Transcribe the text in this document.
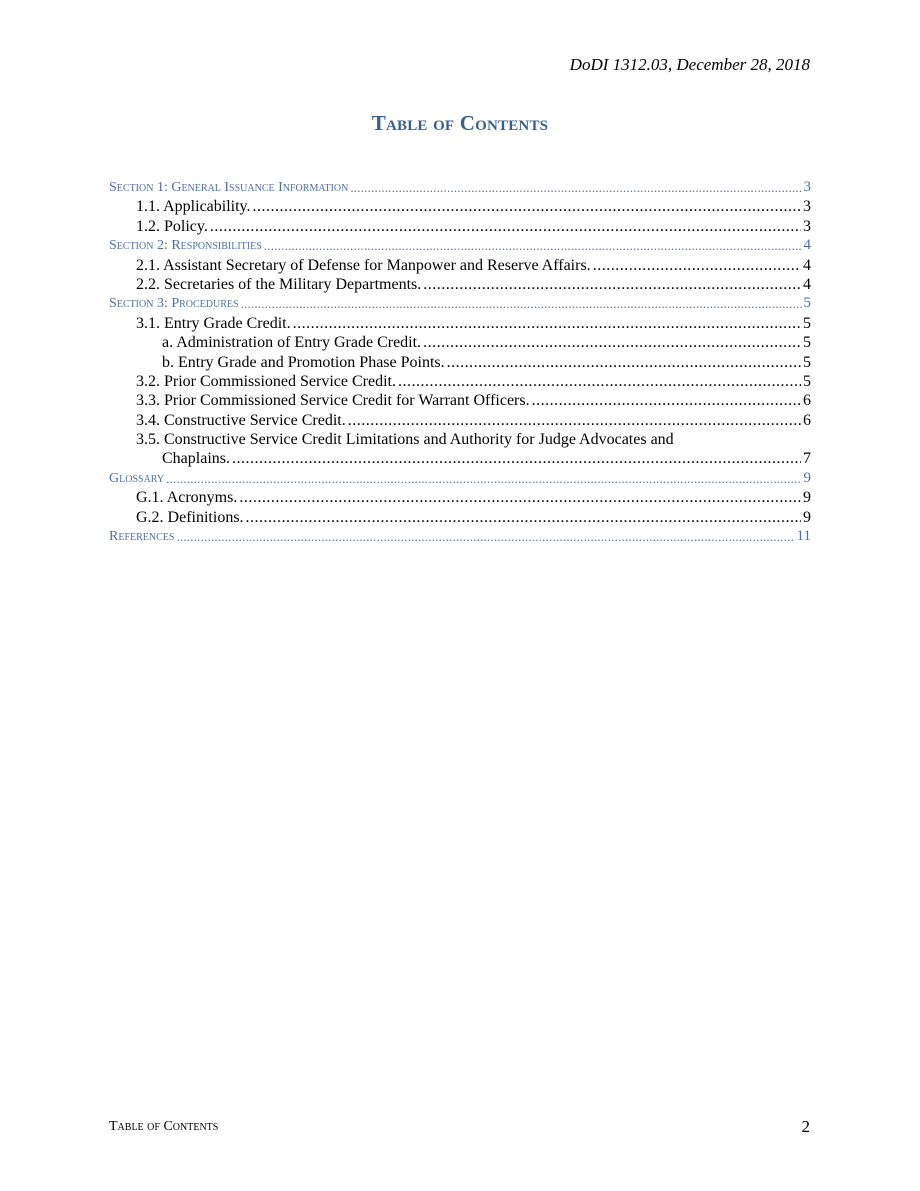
DoDI 1312.03, December 28, 2018
Table of Contents
Section 1: General Issuance Information .....	3
1.1. Applicability. .....	3
1.2. Policy. .....	3
Section 2: Responsibilities .....	4
2.1. Assistant Secretary of Defense for Manpower and Reserve Affairs. .....	4
2.2. Secretaries of the Military Departments. .....	4
Section 3: Procedures .....	5
3.1. Entry Grade Credit. .....	5
a. Administration of Entry Grade Credit. .....	5
b. Entry Grade and Promotion Phase Points. .....	5
3.2. Prior Commissioned Service Credit. .....	5
3.3. Prior Commissioned Service Credit for Warrant Officers. .....	6
3.4. Constructive Service Credit. .....	6
3.5. Constructive Service Credit Limitations and Authority for Judge Advocates and
Chaplains. .....	7
Glossary .....	9
G.1. Acronyms. .....	9
G.2. Definitions. .....	9
References .....	11
Table of Contents	2
